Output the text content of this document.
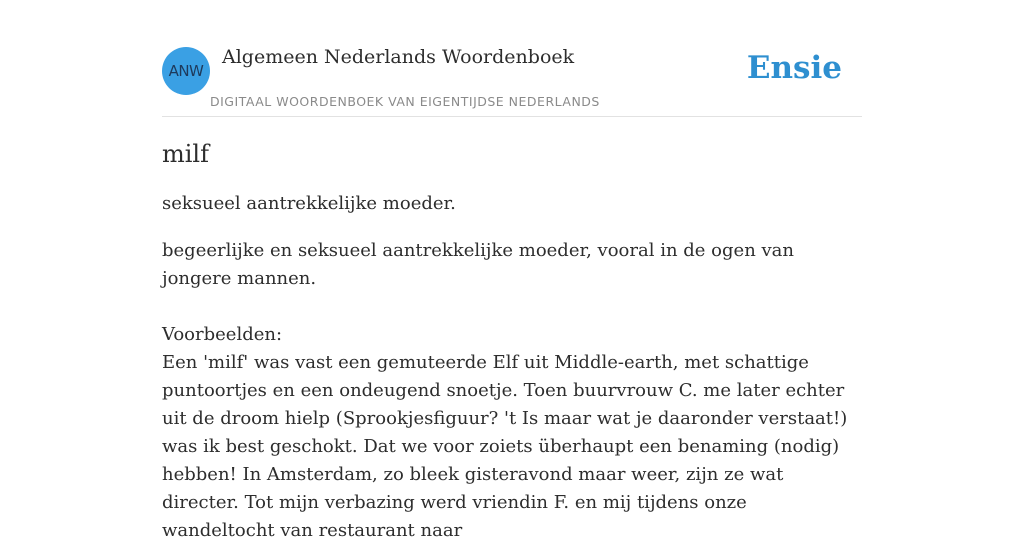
ANW
Algemeen Nederlands Woordenboek
DIGITAAL WOORDENBOEK VAN EIGENTIJDSE NEDERLANDS
Ensie
milf

seksueel aantrekkelijke moeder.

begeerlijke en seksueel aantrekkelijke moeder, vooral in de ogen van jongere mannen.

Voorbeelden:

Een 'milf' was vast een gemuteerde Elf uit Middle-earth, met schattige puntoortjes en een ondeugend snoetje. Toen buurvrouw C. me later echter uit de droom hielp (Sprookjesfiguur? 't Is maar wat je daaronder verstaat!) was ik best geschokt. Dat we voor zoiets überhaupt een benaming (nodig) hebben! In Amsterdam, zo bleek gisteravond maar weer, zijn ze wat directer. Tot mijn verbazing werd vriendin F. en mij tijdens onze wandeltocht van restaurant naar
